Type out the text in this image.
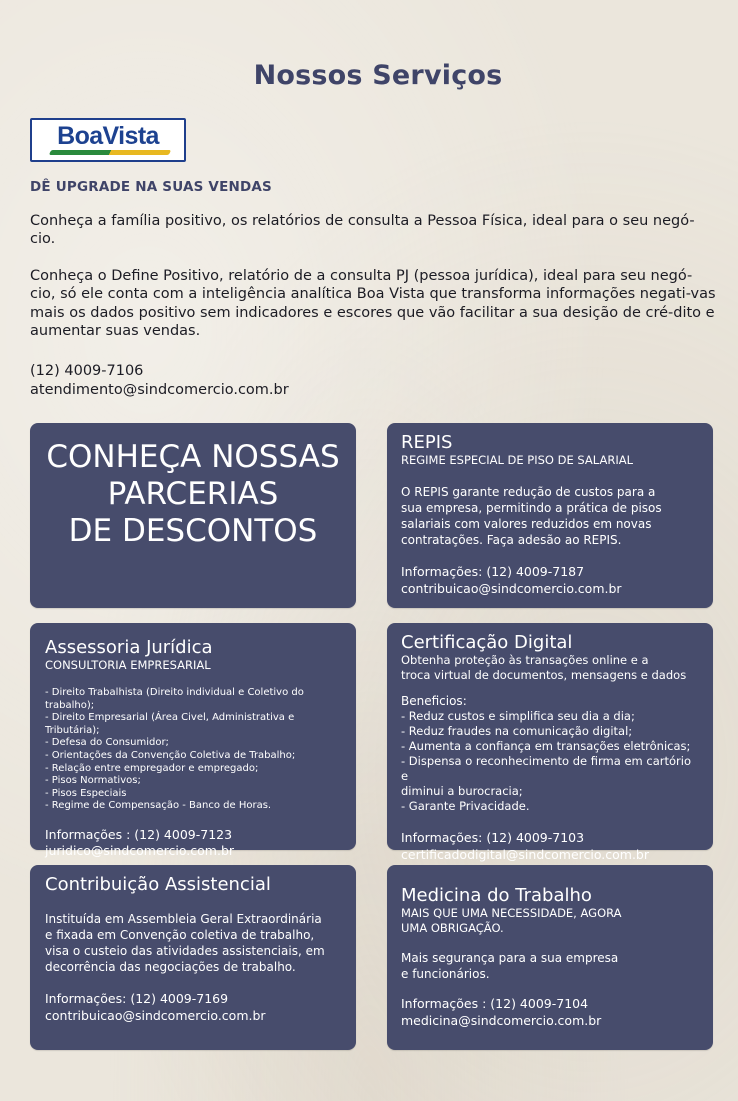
Nossos Serviços
BoaVista
DÊ UPGRADE NA SUAS VENDAS

Conheça a família positivo, os relatórios de consulta a Pessoa Física, ideal para o seu negó-cio.

Conheça o Define Positivo, relatório de a consulta PJ (pessoa jurídica), ideal para seu negó-cio, só ele conta com a inteligência analítica Boa Vista que transforma informações negati-vas mais os dados positivo sem indicadores e escores que vão facilitar a sua desição de cré-dito e aumentar suas vendas.

(12) 4009-7106
atendimento@sindcomercio.com.br
CONHEÇA NOSSAS
PARCERIAS
DE DESCONTOS
REPIS
REGIME ESPECIAL DE PISO DE SALARIAL
O REPIS garante redução de custos para a
sua empresa, permitindo a prática de pisos
salariais com valores reduzidos em novas
contratações. Faça adesão ao REPIS.
Informações: (12) 4009-7187
contribuicao@sindcomercio.com.br
Assessoria Jurídica
CONSULTORIA EMPRESARIAL
- Direito Trabalhista (Direito individual e Coletivo do trabalho);
- Direito Empresarial (Área Civel, Administrativa e Tributária);
- Defesa do Consumidor;
- Orientações da Convenção Coletiva de Trabalho;
- Relação entre empregador e empregado;
- Pisos Normativos;
- Pisos Especiais
- Regime de Compensação - Banco de Horas.
Informações : (12) 4009-7123
juridico@sindcomercio.com.br
Certificação Digital
Obtenha proteção às transações online e a
troca virtual de documentos, mensagens e dados
Beneficios:
- Reduz custos e simplifica seu dia a dia;
- Reduz fraudes na comunicação digital;
- Aumenta a confiança em transações eletrônicas;
- Dispensa o reconhecimento de firma em cartório e
diminui a burocracia;
- Garante Privacidade.
Informações: (12) 4009-7103
certificadodigital@sindcomercio.com.br
Contribuição Assistencial
Instituída em Assembleia Geral Extraordinária
e fixada em Convenção coletiva de trabalho,
visa o custeio das atividades assistenciais, em
decorrência das negociações de trabalho.
Informações: (12) 4009-7169
contribuicao@sindcomercio.com.br
Medicina do Trabalho
MAIS QUE UMA NECESSIDADE, AGORA
UMA OBRIGAÇÃO.
Mais segurança para a sua empresa
e funcionários.
Informações : (12) 4009-7104
medicina@sindcomercio.com.br
